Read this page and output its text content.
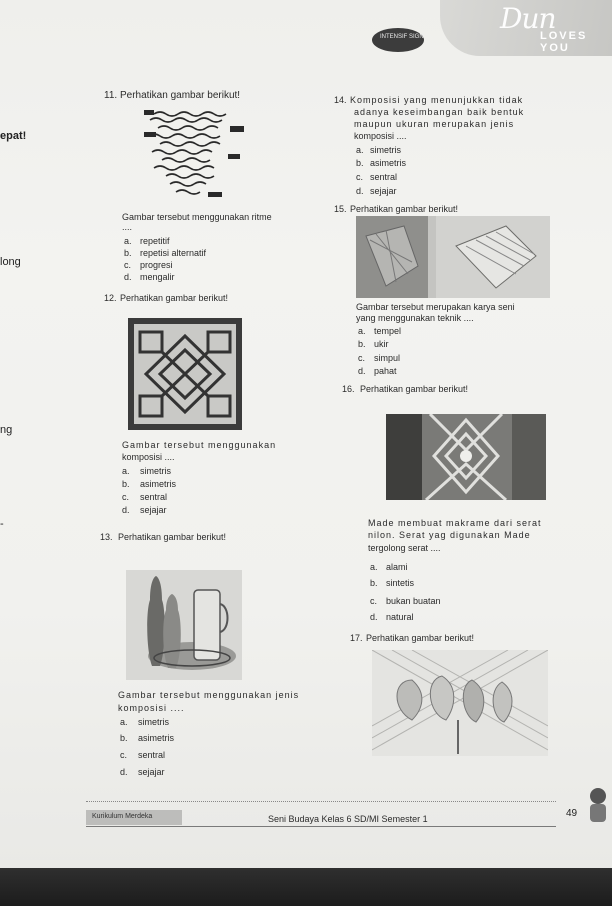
Dun
LOVES YOU
INTENSIF SIGN
epat!
long
ng
-
11. Perhatikan gambar berikut!
Gambar tersebut menggunakan ritme
....
a. repetitif
b. repetisi alternatif
c. progresi
d. mengalir
12. Perhatikan gambar berikut!
Gambar tersebut menggunakan
komposisi ....
a. simetris
b. asimetris
c. sentral
d. sejajar
13. Perhatikan gambar berikut!
Gambar tersebut menggunakan jenis
komposisi ....
a. simetris
b. asimetris
c. sentral
d. sejajar
14. Komposisi yang menunjukkan tidak
adanya keseimbangan baik bentuk
maupun ukuran merupakan jenis
komposisi ....
a. simetris
b. asimetris
c. sentral
d. sejajar
15. Perhatikan gambar berikut!
Gambar tersebut merupakan karya seni
yang menggunakan teknik ....
a. tempel
b. ukir
c. simpul
d. pahat
16. Perhatikan gambar berikut!
Made membuat makrame dari serat
nilon. Serat yag digunakan Made
tergolong serat ....
a. alami
b. sintetis
c. bukan buatan
d. natural
17. Perhatikan gambar berikut!
Kurikulum Merdeka	Seni Budaya Kelas 6 SD/MI Semester 1	49
